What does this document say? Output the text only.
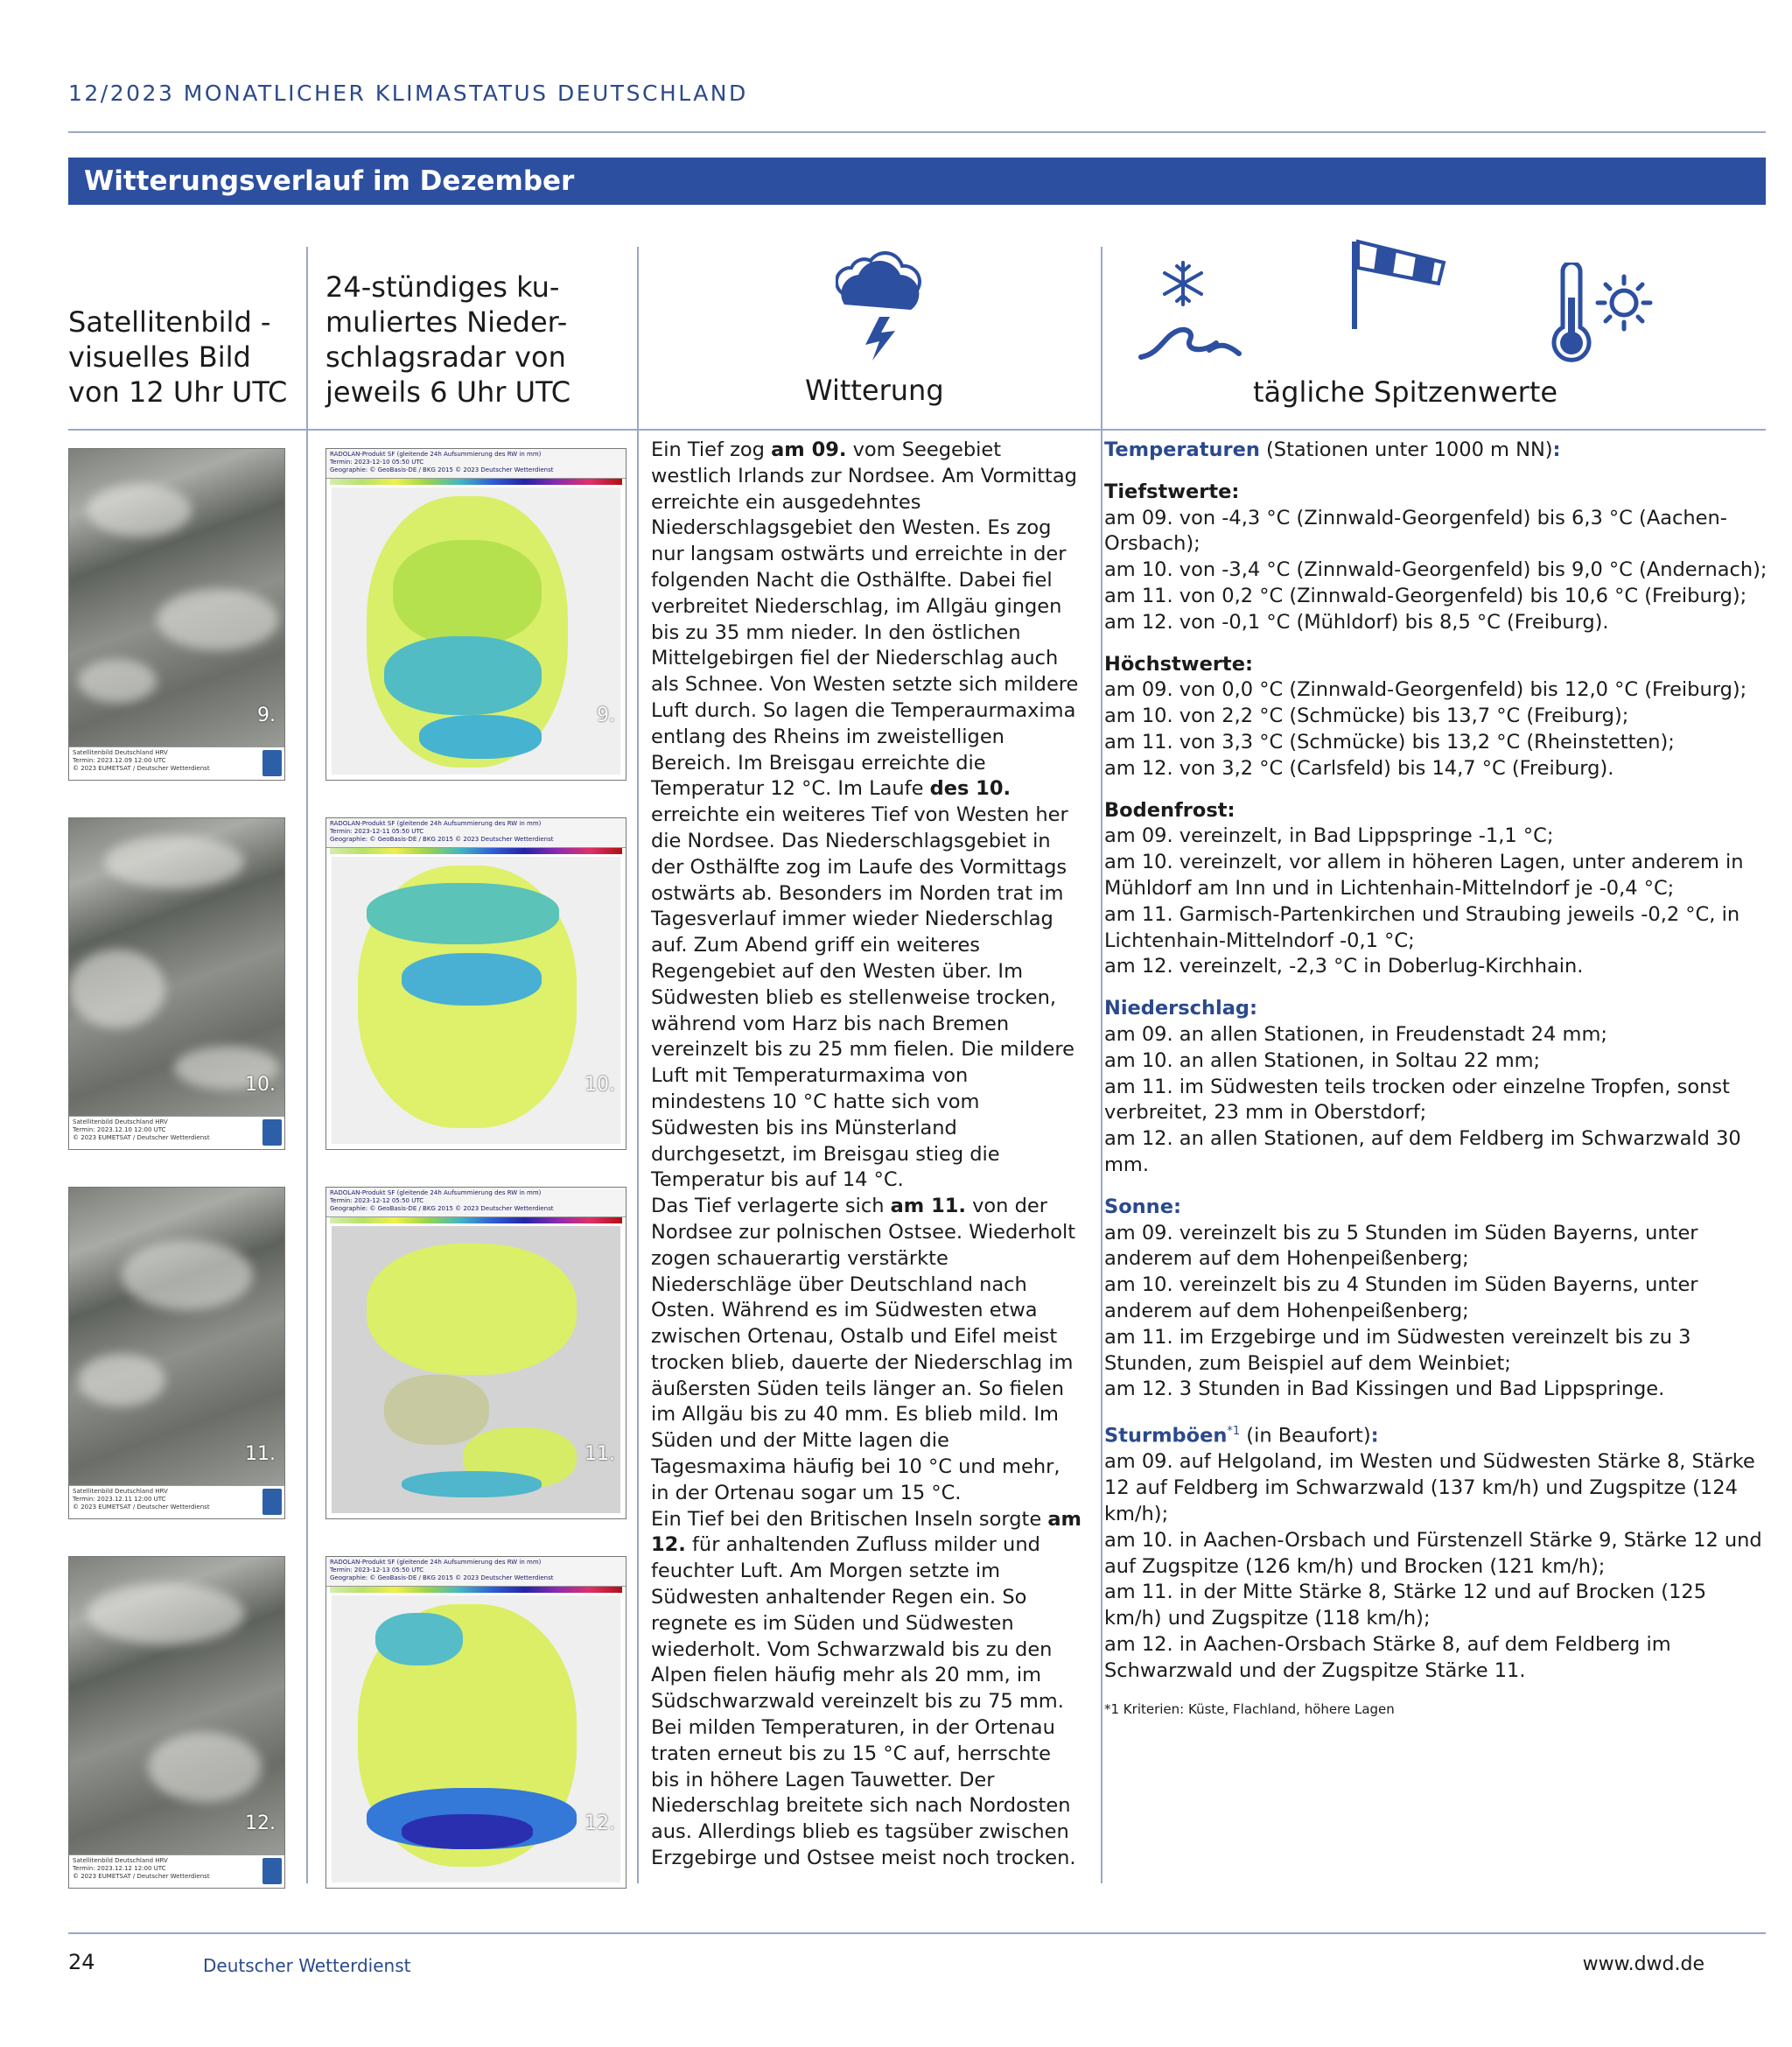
12/2023 MONATLICHER KLIMASTATUS DEUTSCHLAND
Witterungsverlauf im Dezember
Satellitenbild -
visuelles Bild
von 12 Uhr UTC
24-stündiges ku-
muliertes Nieder-
schlagsradar von
jeweils 6 Uhr UTC	Witterung	tägliche Spitzenwerte
9.
Satellitenbild Deutschland HRV
Termin: 2023.12.09 12:00 UTC
© 2023 EUMETSAT / Deutscher Wetterdienst
10.
Satellitenbild Deutschland HRV
Termin: 2023.12.10 12:00 UTC
© 2023 EUMETSAT / Deutscher Wetterdienst
11.
Satellitenbild Deutschland HRV
Termin: 2023.12.11 12:00 UTC
© 2023 EUMETSAT / Deutscher Wetterdienst
12.
Satellitenbild Deutschland HRV
Termin: 2023.12.12 12:00 UTC
© 2023 EUMETSAT / Deutscher Wetterdienst
RADOLAN-Produkt SF (gleitende 24h Aufsummierung des RW in mm)
Termin: 2023-12-10 05:50 UTC
Geographie: © GeoBasis-DE / BKG 2015 © 2023 Deutscher Wetterdienst
9.
RADOLAN-Produkt SF (gleitende 24h Aufsummierung des RW in mm)
Termin: 2023-12-11 05:50 UTC
Geographie: © GeoBasis-DE / BKG 2015 © 2023 Deutscher Wetterdienst
10.
RADOLAN-Produkt SF (gleitende 24h Aufsummierung des RW in mm)
Termin: 2023-12-12 05:50 UTC
Geographie: © GeoBasis-DE / BKG 2015 © 2023 Deutscher Wetterdienst
11.
RADOLAN-Produkt SF (gleitende 24h Aufsummierung des RW in mm)
Termin: 2023-12-13 05:50 UTC
Geographie: © GeoBasis-DE / BKG 2015 © 2023 Deutscher Wetterdienst
12.

Ein Tief zog am 09. vom Seegebiet westlich Irlands zur Nordsee. Am Vormittag erreichte ein ausgedehntes Niederschlagsgebiet den Westen. Es zog nur langsam ostwärts und erreichte in der folgenden Nacht die Osthälfte. Dabei fiel verbreitet Niederschlag, im Allgäu gingen bis zu 35 mm nieder. In den östlichen Mittelgebirgen fiel der Niederschlag auch als Schnee. Von Westen setzte sich mildere Luft durch. So lagen die Temperaurmaxima entlang des Rheins im zweistelligen Bereich. Im Breisgau erreichte die Temperatur 12 °C. Im Laufe des 10. erreichte ein weiteres Tief von Westen her die Nordsee. Das Niederschlagsgebiet in der Osthälfte zog im Laufe des Vormittags ostwärts ab. Besonders im Norden trat im Tagesverlauf immer wieder Niederschlag auf. Zum Abend griff ein weiteres Regengebiet auf den Westen über. Im Südwesten blieb es stellenweise trocken, während vom Harz bis nach Bremen vereinzelt bis zu 25 mm fielen. Die mildere Luft mit Temperaturmaxima von mindestens 10 °C hatte sich vom Südwesten bis ins Münsterland durchgesetzt, im Breisgau stieg die Temperatur bis auf 14 °C.

Das Tief verlagerte sich am 11. von der Nordsee zur polnischen Ostsee. Wiederholt zogen schauerartig verstärkte Niederschläge über Deutschland nach Osten. Während es im Südwesten etwa zwischen Ortenau, Ostalb und Eifel meist trocken blieb, dauerte der Niederschlag im äußersten Süden teils länger an. So fielen im Allgäu bis zu 40 mm. Es blieb mild. Im Süden und der Mitte lagen die Tagesmaxima häufig bei 10 °C und mehr, in der Ortenau sogar um 15 °C.

Ein Tief bei den Britischen Inseln sorgte am 12. für anhaltenden Zufluss milder und feuchter Luft. Am Morgen setzte im Südwesten anhaltender Regen ein. So regnete es im Süden und Südwesten wiederholt. Vom Schwarzwald bis zu den Alpen fielen häufig mehr als 20 mm, im Südschwarzwald vereinzelt bis zu 75 mm. Bei milden Temperaturen, in der Ortenau traten erneut bis zu 15 °C auf, herrschte bis in höhere Lagen Tauwetter. Der Niederschlag breitete sich nach Nordosten aus. Allerdings blieb es tagsüber zwischen Erzgebirge und Ostsee meist noch trocken.

Temperaturen (Stationen unter 1000 m NN):
Tiefstwerte:
am 09. von -4,3 °C (Zinnwald-Georgenfeld) bis 6,3 °C (Aachen-Orsbach);
am 10. von -3,4 °C (Zinnwald-Georgenfeld) bis 9,0 °C (Andernach);
am 11. von 0,2 °C (Zinnwald-Georgenfeld) bis 10,6 °C (Freiburg);
am 12. von -0,1 °C (Mühldorf) bis 8,5 °C (Freiburg).
Höchstwerte:
am 09. von 0,0 °C (Zinnwald-Georgenfeld) bis 12,0 °C (Freiburg);
am 10. von 2,2 °C (Schmücke) bis 13,7 °C (Freiburg);
am 11. von 3,3 °C (Schmücke) bis 13,2 °C (Rheinstetten);
am 12. von 3,2 °C (Carlsfeld) bis 14,7 °C (Freiburg).
Bodenfrost:
am 09. vereinzelt, in Bad Lippspringe -1,1 °C;
am 10. vereinzelt, vor allem in höheren Lagen, unter anderem in Mühldorf am Inn und in Lichtenhain-Mittelndorf je -0,4 °C;
am 11. Garmisch-Partenkirchen und Straubing jeweils -0,2 °C, in Lichtenhain-Mittelndorf -0,1 °C;
am 12. vereinzelt, -2,3 °C in Doberlug-Kirchhain.
Niederschlag:
am 09. an allen Stationen, in Freudenstadt 24 mm;
am 10. an allen Stationen, in Soltau 22 mm;
am 11. im Südwesten teils trocken oder einzelne Tropfen, sonst verbreitet, 23 mm in Oberstdorf;
am 12. an allen Stationen, auf dem Feldberg im Schwarzwald 30 mm.
Sonne:
am 09. vereinzelt bis zu 5 Stunden im Süden Bayerns, unter anderem auf dem Hohenpeißenberg;
am 10. vereinzelt bis zu 4 Stunden im Süden Bayerns, unter anderem auf dem Hohenpeißenberg;
am 11. im Erzgebirge und im Südwesten vereinzelt bis zu 3 Stunden, zum Beispiel auf dem Weinbiet;
am 12. 3 Stunden in Bad Kissingen und Bad Lippspringe.
Sturmböen$^{*1}$ (in Beaufort):
am 09. auf Helgoland, im Westen und Südwesten Stärke 8, Stärke 12 auf Feldberg im Schwarzwald (137 km/h) und Zugspitze (124 km/h);
am 10. in Aachen-Orsbach und Fürstenzell Stärke 9, Stärke 12 und auf Zugspitze (126 km/h) und Brocken (121 km/h);
am 11. in der Mitte Stärke 8, Stärke 12 und auf Brocken (125 km/h) und Zugspitze (118 km/h);
am 12. in Aachen-Orsbach Stärke 8, auf dem Feldberg im Schwarzwald und der Zugspitze Stärke 11.
*1 Kriterien: Küste, Flachland, höhere Lagen
24	Deutscher Wetterdienst	www.dwd.de
